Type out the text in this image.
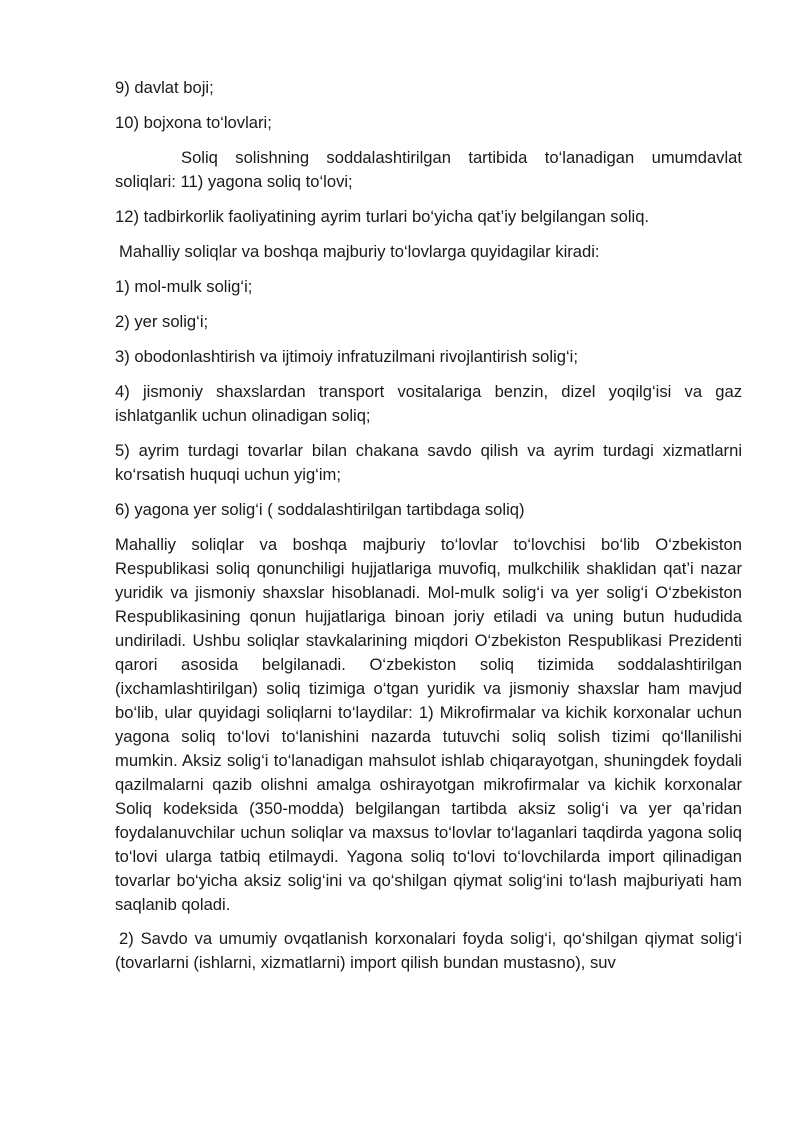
9) davlat boji;

10) bojxona to‘lovlari;

Soliq solishning soddalashtirilgan tartibida to‘lanadigan umumdavlat soliqlari: 11) yagona soliq to‘lovi;

12) tadbirkorlik faoliyatining ayrim turlari bo‘yicha qat’iy belgilangan soliq.

Mahalliy soliqlar va boshqa majburiy to‘lovlarga quyidagilar kiradi:

1) mol-mulk solig‘i;

2) yer solig‘i;

3) obodonlashtirish va ijtimoiy infratuzilmani rivojlantirish solig‘i;

4) jismoniy shaxslardan transport vositalariga benzin, dizel yoqilg‘isi va gaz ishlatganlik uchun olinadigan soliq;

5) ayrim turdagi tovarlar bilan chakana savdo qilish va ayrim turdagi xizmatlarni ko‘rsatish huquqi uchun yig‘im;

6) yagona yer solig‘i ( soddalashtirilgan tartibdaga soliq)

Mahalliy soliqlar va boshqa majburiy to‘lovlar to‘lovchisi bo‘lib O‘zbekiston Respublikasi soliq qonunchiligi hujjatlariga muvofiq, mulkchilik shaklidan qat’i nazar yuridik va jismoniy shaxslar hisoblanadi. Mol-mulk solig‘i va yer solig‘i O‘zbekiston Respublikasining qonun hujjatlariga binoan joriy etiladi va uning butun hududida undiriladi. Ushbu soliqlar stavkalarining miqdori O‘zbekiston Respublikasi Prezidenti qarori asosida belgilanadi. O‘zbekiston soliq tizimida soddalashtirilgan (ixchamlashtirilgan) soliq tizimiga o‘tgan yuridik va jismoniy shaxslar ham mavjud bo‘lib, ular quyidagi soliqlarni to‘laydilar: 1) Mikrofirmalar va kichik korxonalar uchun yagona soliq to‘lovi to‘lanishini nazarda tutuvchi soliq solish tizimi qo‘llanilishi mumkin. Aksiz solig‘i to‘lanadigan mahsulot ishlab chiqarayotgan, shuningdek foydali qazilmalarni qazib olishni amalga oshirayotgan mikrofirmalar va kichik korxonalar Soliq kodeksida (350-modda) belgilangan tartibda aksiz solig‘i va yer qa’ridan foydalanuvchilar uchun soliqlar va maxsus to‘lovlar to‘laganlari taqdirda yagona soliq to‘lovi ularga tatbiq etilmaydi. Yagona soliq to‘lovi to‘lovchilarda import qilinadigan tovarlar bo‘yicha aksiz solig‘ini va qo‘shilgan qiymat solig‘ini to‘lash majburiyati ham saqlanib qoladi.

2) Savdo va umumiy ovqatlanish korxonalari foyda solig‘i, qo‘shilgan qiymat solig‘i (tovarlarni (ishlarni, xizmatlarni) import qilish bundan mustasno), suv
